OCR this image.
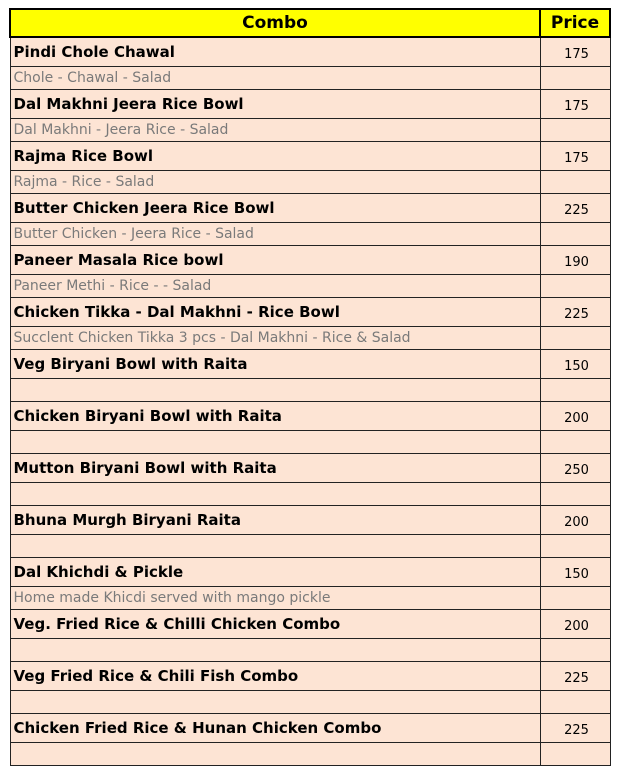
Combo	Price
Pindi Chole Chawal	175
Chole - Chawal - Salad	
Dal Makhni Jeera Rice Bowl	175
Dal Makhni - Jeera Rice - Salad	
Rajma Rice Bowl	175
Rajma - Rice - Salad	
Butter Chicken Jeera Rice Bowl	225
Butter Chicken - Jeera Rice - Salad	
Paneer Masala Rice bowl	190
Paneer Methi - Rice - - Salad	
Chicken Tikka - Dal Makhni - Rice Bowl	225
Succlent Chicken Tikka 3 pcs - Dal Makhni - Rice & Salad	
Veg Biryani Bowl with Raita	150

Chicken Biryani Bowl with Raita	200

Mutton Biryani Bowl with Raita	250

Bhuna Murgh Biryani Raita	200

Dal Khichdi & Pickle	150
Home made Khicdi served with mango pickle	
Veg. Fried Rice & Chilli Chicken Combo	200

Veg Fried Rice & Chili Fish Combo	225

Chicken Fried Rice & Hunan Chicken Combo	225
